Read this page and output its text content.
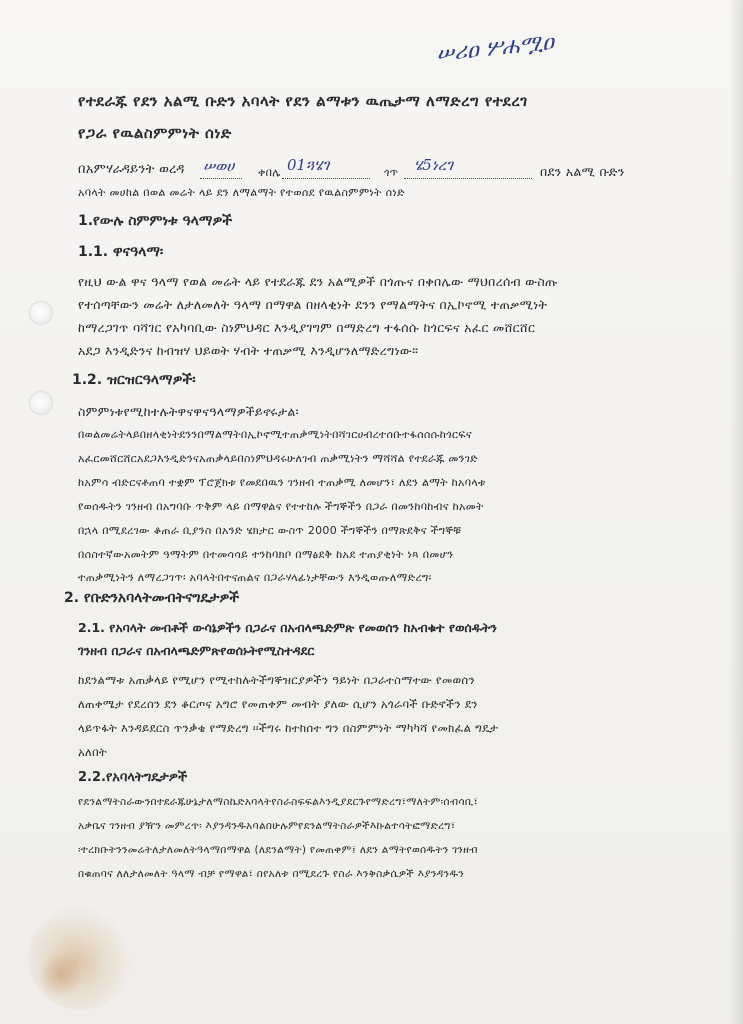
ሠሪዐ ሦሐሟዐ
የተደራጁ የደን አልሚ ቡድን አባላት የደን ልማቱን ዉጤታማ ለማድረግ የተደረገ
የጋራ የዉልስምምነት ሰነድ
በአምሃራዳይንት ወረዳ ሠወሀ ቀበሌ 01ጓሄገ	ጎጥ ሄ5ነረገ	በደን አልሚ ቡድን
አባላት መሀከል በወል መሬት ላይ ደን ለማልማት የተወሰደ የዉልስምምነት ሰነድ
1.የውሉ ስምምነቱ ዓላማዎች
1.1. ዋናዓላማ፡
የዚህ ውል ዋና ዓላማ የወል መሬት ላይ የተደራጁ ደን አልሚዎች በጎጡና በቀበሌው ማህበረሰብ ውስጡ
የተሰጣቸውን መሬት ለታለመለት ዓላማ በማዋል በዘላቂነት ደንን የማልማትና በኢኮኖሚ ተጠቃሚነት
ከማረጋገጥ ባሻገር የአካባቢው ስነምህዳር እንዲያገግም በማድረግ ተፋሰሱ ከጎርፍና አፈር መሸርሸር
አደጋ እንዲድንና ከብዝሃ ህይወት ሃብት ተጠቃሚ እንዲሆንለማድረግነው።
1.2. ዝርዝርዓላማዎች፡
ስምምነቱየሚከተሉትዋናዋናዓላማዎችይኖሩታል፡
በወልመሬትላይበዘላቂነትደንንበማልማትበኢኮኖሚተጠቃሚነትበሻገርሀብረተሰቡተፋሰሰሱከጎርፍና
አፈርመሸርሸርአደጋእንዲድንናአጠቃላይበስነምህዳሩሁለገብ ጠቃሚነትን ማሻሻል የተደራጁ መንገድ
ከአምሳ ብድርናቶጠባ ተቋም ፕሮጀክቱ የመደበዉን ገንዘብ ተጠቃሚ ለመሆን፣ ለደን ልማት ከአባላቱ
የወሰዱትን ገንዘብ በአግባቡ ጥቅም ላይ በማዋልና የተተከሉ ችግኞችን በጋራ በመንከባከብና ከአመት
በኋላ በሚደረገው ቆጠራ ቢያንስ በአንድ ሄክታር ውስጥ 2000 ችግኞችን በማጽደቅና ችግኞቹ
በሰስተኛውአመትም ዓማትም በተመሳሳይ ተንከባክቦ በማፅደቅ ከአደ ተጠያቂነት ነጻ በመሆን
ተጠቃሚነትን ለማረጋገጥ፡ አባላትበተናጠልና በጋራሃላፊነታቸውን እንዲወጡለማድረግ፡
2. የቡድንአባላትመብትናግዴታዎች
2.1. የአባላት መብቶች ውሳኔዎችን በጋራና በአብላጫድምጽ የመወሰን ከአብቁተ የወሰዱትን
ገንዘብ በጋራና በአብላጫድምጽየወሰኑትየሚስተዳደር
ከደንልማቱ አጠቃላይ የሚሆን የሚተከሉትችግኞዝርያዎችን ዓይነት በጋራተስማተው የመወሰን
ለጠቀሜታ የደረሰን ደን ቆርጦና አግሮ የመጠቀም መብት ያለው ሲሆን አጎራባች ቡድኖችን ደን
ላይጥፋት እንዳይደርስ ጥንቃቄ የማድረግ ፡፡ችግሩ ከተከሰተ ግን በስምምነት ማካካሻ የመክፈል ግዴታ
አለበት
2.2.የአባላትግዴታዎች
የደንልማትስራውንበተደራጁሁኔታለማስኬድአባላትየስራስፍፍልእንዲያደርጉየማድረግ፣ማለትም፡ሰብሳቢ፣
አቃቤና ገንዘብ ያዥን መምረጥ፡ እያንዳንዱአባልበሁሉምየደንልማትስራዎችእኩልተሳትፎማድረግ፣
፡ተረክቡትንንመሬትለታለመለትዓላማበማዋል (ለደንልማት) የመጠቀም፤ ለደን ልማትየወሰዱትን ገንዘብ
በቁጠባና ለለታለመለት ዓላማ ብቻ የማዋል፣ በየአለቱ በሚደረጉ የስራ እንቅስቃሴዎች እያንዳንዱን
